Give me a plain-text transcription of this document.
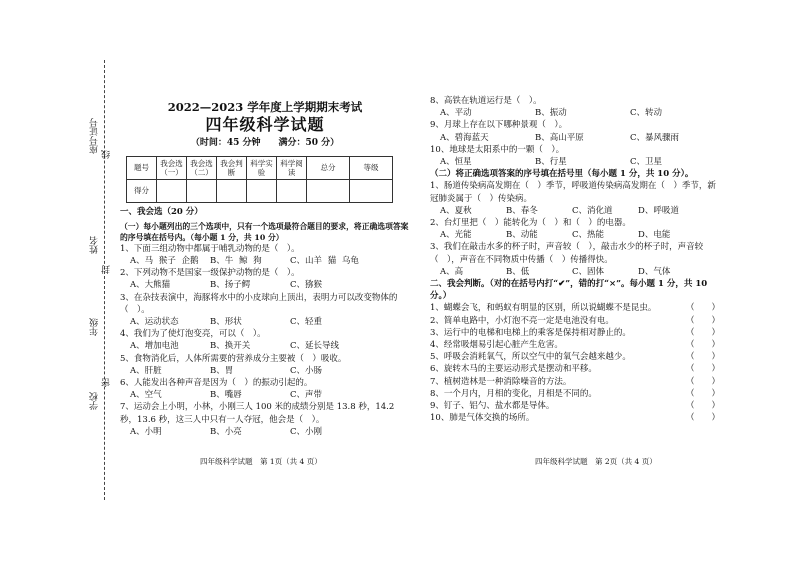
座号证号
线
姓名
封
年级
学校
密
2022—2023 学年度上学期期末考试
四年级科学试题
（时间：45 分钟　　满分：50 分）
题号	我会选（一）	我会选（二）	我会判断	科学实验	科学阅读	总分	等级
得分							
一、我会选（20 分）
（一）每小题列出的三个选项中，只有一个选项最符合题目的要求，将正确选项答案的序号填在括号内。（每小题 1 分，共 10 分）
1、下面三组动物中都属于哺乳动物的是（　）。
A、马 猴子 企鹅 B、牛 鲸 狗	C、山羊 猫 乌龟
2、下列动物不是国家一级保护动物的是（　）。
A、大熊猫	B、扬子鳄	C、猕猴
3、在杂技表演中，海豚将水中的小皮球向上顶出，表明力可以改变物体的（　）。
A、运动状态	B、形状	C、轻重
4、我们为了使灯泡变亮，可以（　）。
A、增加电池	B、换开关	C、延长导线
5、食物消化后，人体所需要的营养成分主要被（　）吸收。
A、肝脏	B、胃	C、小肠
6、人能发出各种声音是因为（　）的振动引起的。
A、空气	B、嘴唇	C、声带
7、运动会上小明，小林，小刚三人 100 米的成绩分别是 13.8 秒，14.2 秒，13.6 秒，这三人中只有一人夺冠，他会是（　）。
A、小明	B、小亮	C、小刚
四年级科学试题　第 1页（共 4 页）
8、高铁在轨道运行是（　）。
A、平动	B、振动	C、转动
9、月球上存在以下哪种景观（　）。
A、碧海蓝天	B、高山平原	C、暴风骤雨
10、地球是太阳系中的一颗（　）。
A、恒星	B、行星	C、卫星
（二）将正确选项答案的序号填在括号里（每小题 1 分，共 10 分）。
1、肠道传染病高发期在（　）季节，呼吸道传染病高发期在（　）季节，新冠肺炎属于（　）传染病。
A、夏秋	B、春冬	C、消化道	D、呼吸道
2、台灯里把（　）能转化为（　）和（　）的电器。
A、光能	B、动能	C、热能	D、电能
3、我们在敲击水多的杯子时，声音较（　），敲击水少的杯子时，声音较（　），声音在不同物质中传播（　）传播得快。
A、高	B、低	C、固体	D、气体
二、我会判断。（对的在括号内打“✔”，错的打“×”。每小题 1 分，共 10 分。）
1、蝴蝶会飞，和蚂蚁有明显的区别，所以说蝴蝶不是昆虫。	（　　）
2、简单电路中，小灯泡不亮一定是电池没有电。	（　　）
3、运行中的电梯和电梯上的乘客是保持相对静止的。	（　　）
4、经常吸烟易引起心脏产生危害。	（　　）
5、呼吸会消耗氧气，所以空气中的氧气会越来越少。	（　　）
6、旋转木马的主要运动形式是摆动和平移。	（　　）
7、植树造林是一种消除噪音的方法。	（　　）
8、一个月内，月相的变化，月相是不同的。	（　　）
9、钉子、铝勺、盐水都是导体。	（　　）
10、肺是气体交换的场所。	（　　）
四年级科学试题　第 2页（共 4 页）
